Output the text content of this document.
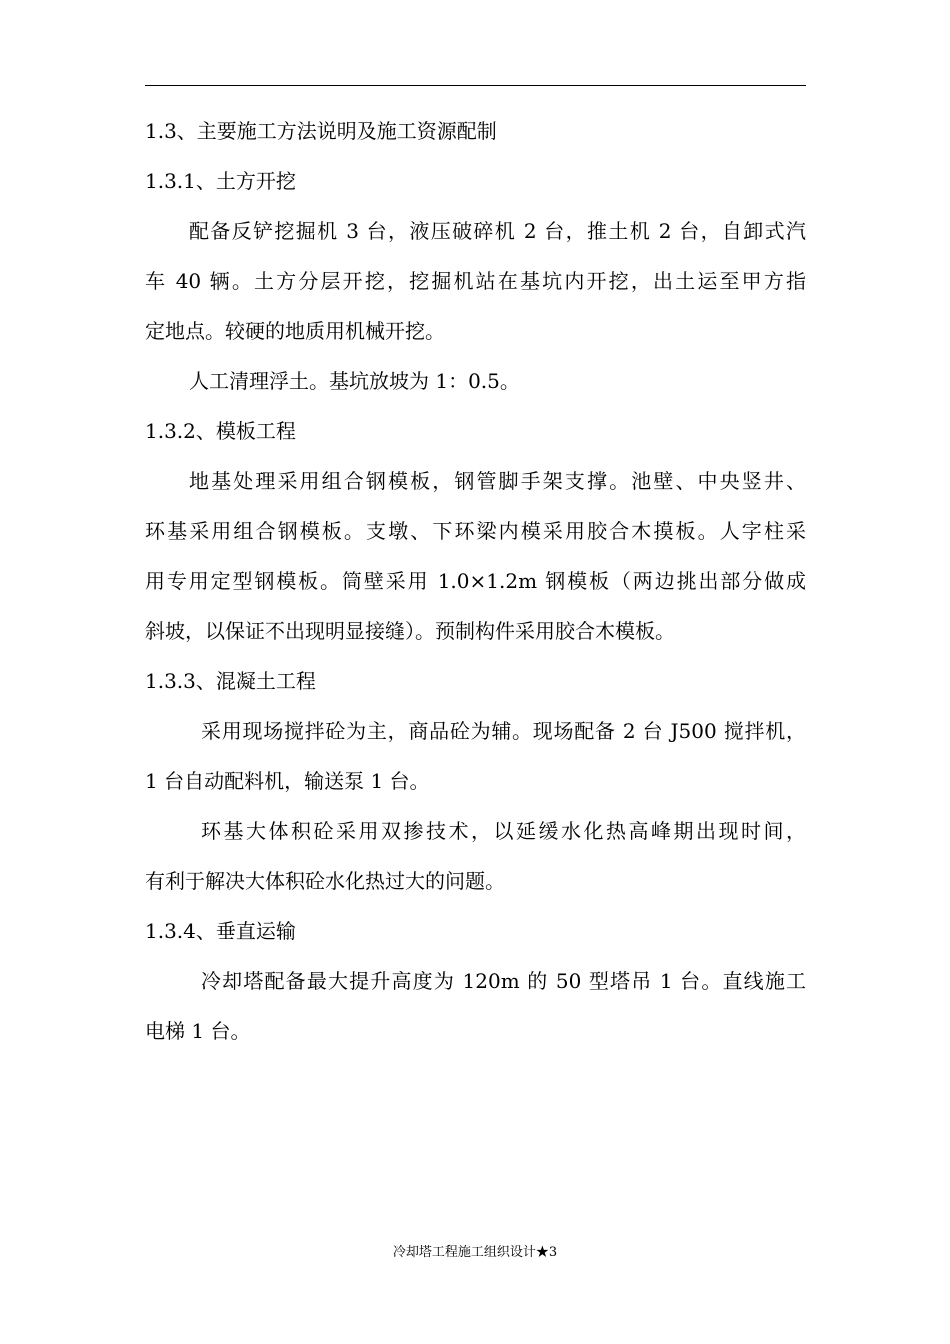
1.3、主要施工方法说明及施工资源配制
1.3.1、土方开挖
配备反铲挖掘机 3 台，液压破碎机 2 台，推土机 2 台，自卸式汽
车 40 辆。土方分层开挖，挖掘机站在基坑内开挖，出土运至甲方指
定地点。较硬的地质用机械开挖。
人工清理浮土。基坑放坡为 1：0.5。
1.3.2、模板工程
地基处理采用组合钢模板，钢管脚手架支撑。池壁、中央竖井、
环基采用组合钢模板。支墩、下环梁内模采用胶合木摸板。人字柱采
用专用定型钢模板。筒壁采用 1.0×1.2m 钢模板（两边挑出部分做成
斜坡，以保证不出现明显接缝）。预制构件采用胶合木模板。
1.3.3、混凝土工程
采用现场搅拌砼为主，商品砼为辅。现场配备 2 台 J500 搅拌机，
1 台自动配料机，输送泵 1 台。
环基大体积砼采用双掺技术，以延缓水化热高峰期出现时间，
有利于解决大体积砼水化热过大的问题。
1.3.4、垂直运输
冷却塔配备最大提升高度为 120m 的 50 型塔吊 1 台。直线施工
电梯 1 台。
冷却塔工程施工组织设计★3
